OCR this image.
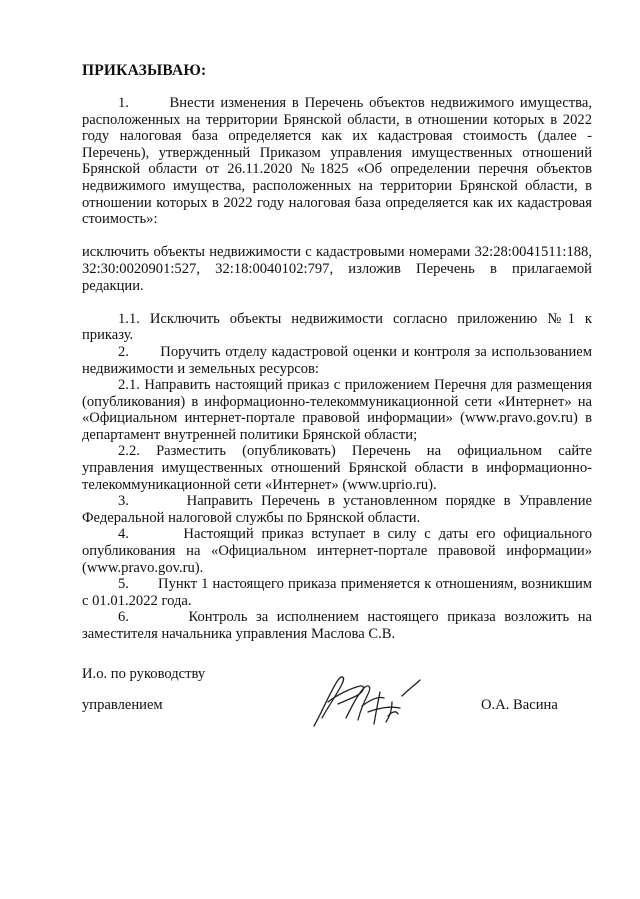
ПРИКАЗЫВАЮ:

1.       Внести изменения в Перечень объектов недвижимого имущества, расположенных на территории Брянской области, в отношении которых в 2022 году налоговая база определяется как их кадастровая стоимость (далее - Перечень), утвержденный Приказом управления имущественных отношений Брянской области от 26.11.2020 №1825 «Об определении перечня объектов недвижимого имущества, расположенных на территории Брянской области, в отношении которых в 2022 году налоговая база определяется как их кадастровая стоимость»:

исключить объекты недвижимости с кадастровыми номерами 32:28:0041511:188, 32:30:0020901:527, 32:18:0040102:797, изложив Перечень в прилагаемой редакции.

1.1. Исключить объекты недвижимости согласно приложению №1 к приказу.

2.       Поручить отделу кадастровой оценки и контроля за использованием недвижимости и земельных ресурсов:

2.1. Направить настоящий приказ с приложением Перечня для размещения (опубликования) в информационно-телекоммуникационной сети «Интернет» на «Официальном интернет-портале правовой информации» (www.pravo.gov.ru) в департамент внутренней политики Брянской области;

2.2. Разместить (опубликовать) Перечень на официальном сайте управления имущественных отношений Брянской области в информационно-телекоммуникационной сети «Интернет» (www.uprio.ru).

3.       Направить Перечень в установленном порядке в Управление Федеральной налоговой службы по Брянской области.

4.       Настоящий приказ вступает в силу с даты его официального опубликования на «Официальном интернет-портале правовой информации» (www.pravo.gov.ru).

5.       Пункт 1 настоящего приказа применяется к отношениям, возникшим с 01.01.2022 года.

6.       Контроль за исполнением настоящего приказа возложить на заместителя начальника управления Маслова С.В.

И.о. по руководству
управлением	О.А. Васина
